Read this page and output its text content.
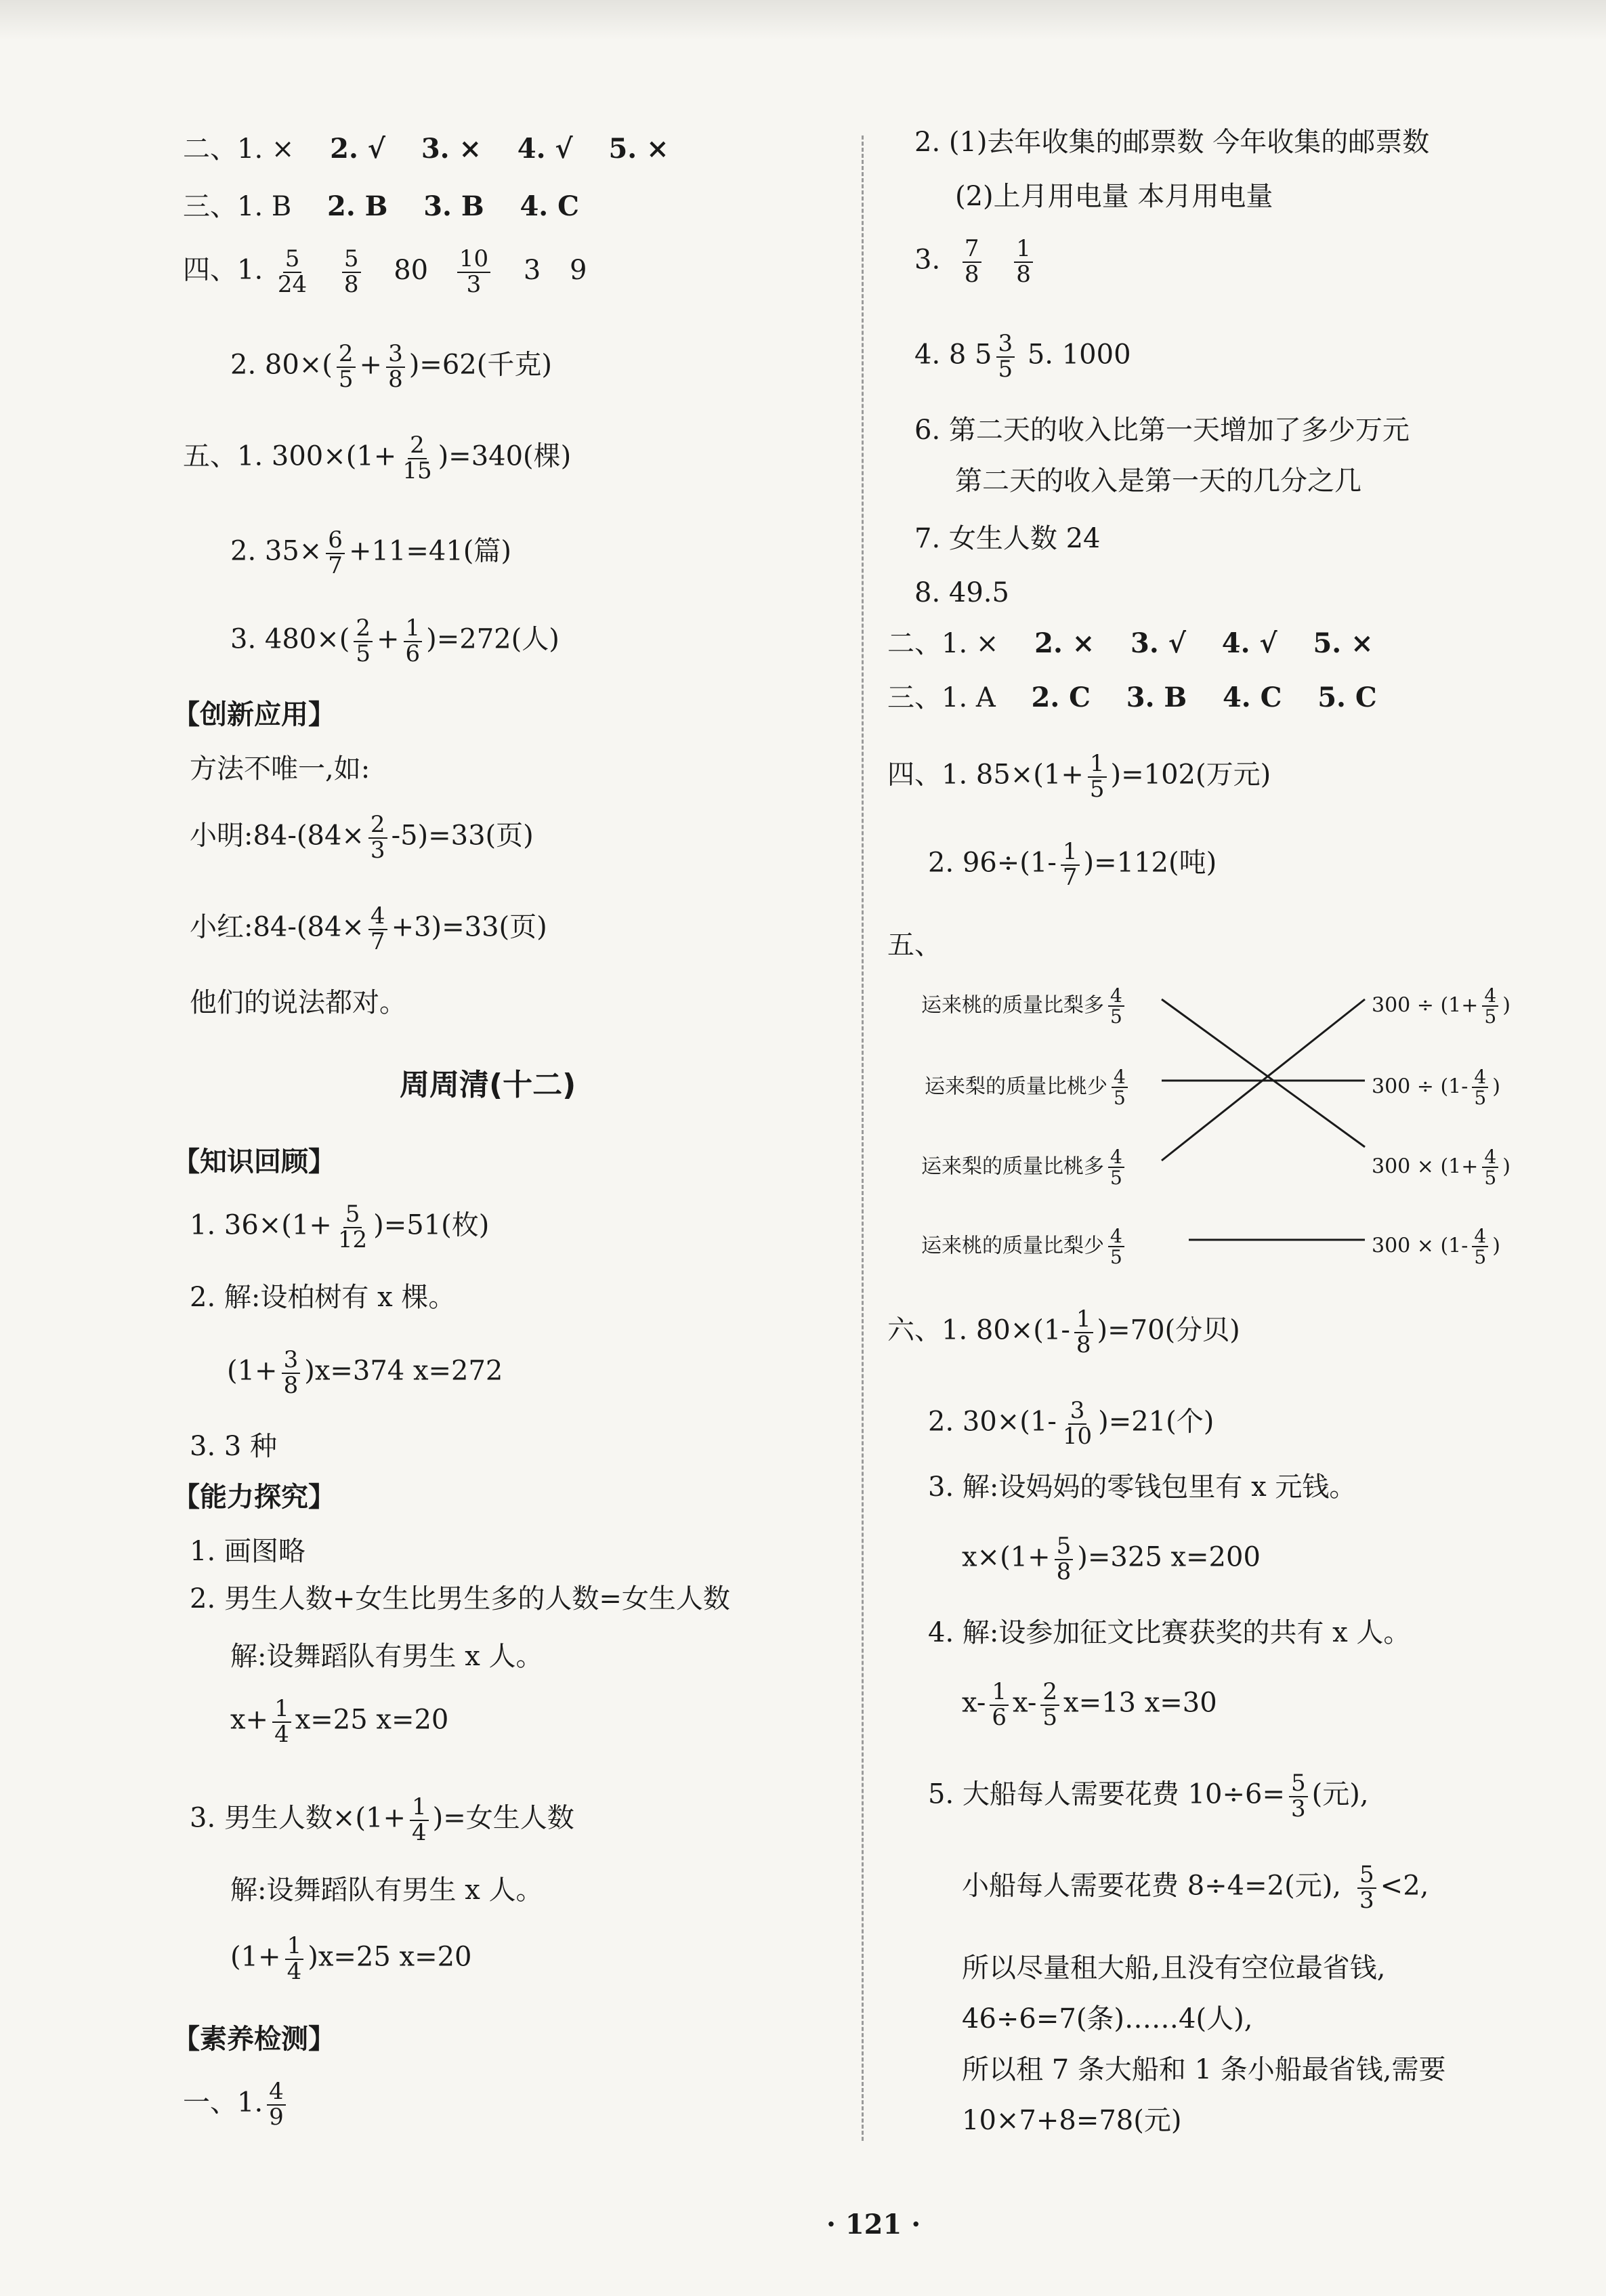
二、1. × 2. √ 3. × 4. √ 5. ×
三、1. B 2. B 3. B 4. C
四、1. $\frac{5}{24}$
$\frac{5}{8} 80 \frac{10}{3} 3$ 9
2. $80\times( \frac{2}{5} + \frac{3}{8} )=62$(千克)
五、1. $300\times(1+ \frac{2}{15} )=340$(棵)
2. $35\times \frac{6}{7} +11=41$(篇)
3. $480\times( \frac{2}{5} + \frac{1}{6} )=272$(人)
【创新应用】
方法不唯一,如:
小明:84-(84× $\frac{2}{3} -5)=33$(页)
小红:84-(84× $\frac{4}{7} +3)=33$(页)
他们的说法都对。
周周清(十二)
【知识回顾】
1. $36\times(1+ \frac{5}{12} )=51$(枚)
2. 解:设柏树有 x 棵。
$(1+ \frac{3}{8} )x=374$ x=272
3. 3 种
【能力探究】
1. 画图略
2. 男生人数+女生比男生多的人数=女生人数
解:设舞蹈队有男生 x 人。
$x+ \frac{1}{4} x=25$ x=20
3. 男生人数$\times(1+ \frac{1}{4}$ )=女生人数
解:设舞蹈队有男生 x 人。
$(1+ \frac{1}{4} )x=25$ x=20
【素养检测】
一、1. $\frac{4}{9}$
2. (1)去年收集的邮票数 今年收集的邮票数
(2)上月用电量 本月用电量
3. $\frac{7}{8}$
$\frac{1}{8}$
4. 8 $5 \frac{3}{5} 5$. 1000
6. 第二天的收入比第一天增加了多少万元
第二天的收入是第一天的几分之几
7. 女生人数 24
8. 49.5
二、1. × 2. × 3. √ 4. √ 5. ×
三、1. A 2. C 3. B 4. C 5. C
四、1. $85\times(1+ \frac{1}{5} )=102$(万元)
2. $96\div(1- \frac{1}{7} )=112$(吨)
五、
运来桃的质量比梨多 $\frac{4}{5}$
运来梨的质量比桃少 $\frac{4}{5}$
运来梨的质量比桃多 $\frac{4}{5}$
运来桃的质量比梨少 $\frac{4}{5}$
$300 \div (1+ \frac{4}{5}$ )
$300 \div (1- \frac{4}{5}$ )
$300 \times (1+ \frac{4}{5}$ )
$300 \times (1- \frac{4}{5}$ )
六、1. $80\times(1- \frac{1}{8} )=70$(分贝)
2. $30\times(1- \frac{3}{10} )=21$(个)
3. 解:设妈妈的零钱包里有 x 元钱。
$x\times(1+ \frac{5}{8} )=325$ x=200
4. 解:设参加征文比赛获奖的共有 x 人。
$x- \frac{1}{6} x- \frac{2}{5} x=13$ x=30
5. 大船每人需要花费 $10\div 6= \frac{5}{3}$ (元),
小船每人需要花费 8÷4=2(元), $\frac{5}{3} <2$,
所以尽量租大船,且没有空位最省钱,
46÷6=7(条)……4(人),
所以租 7 条大船和 1 条小船最省钱,需要
10×7+8=78(元)
· 121 ·
